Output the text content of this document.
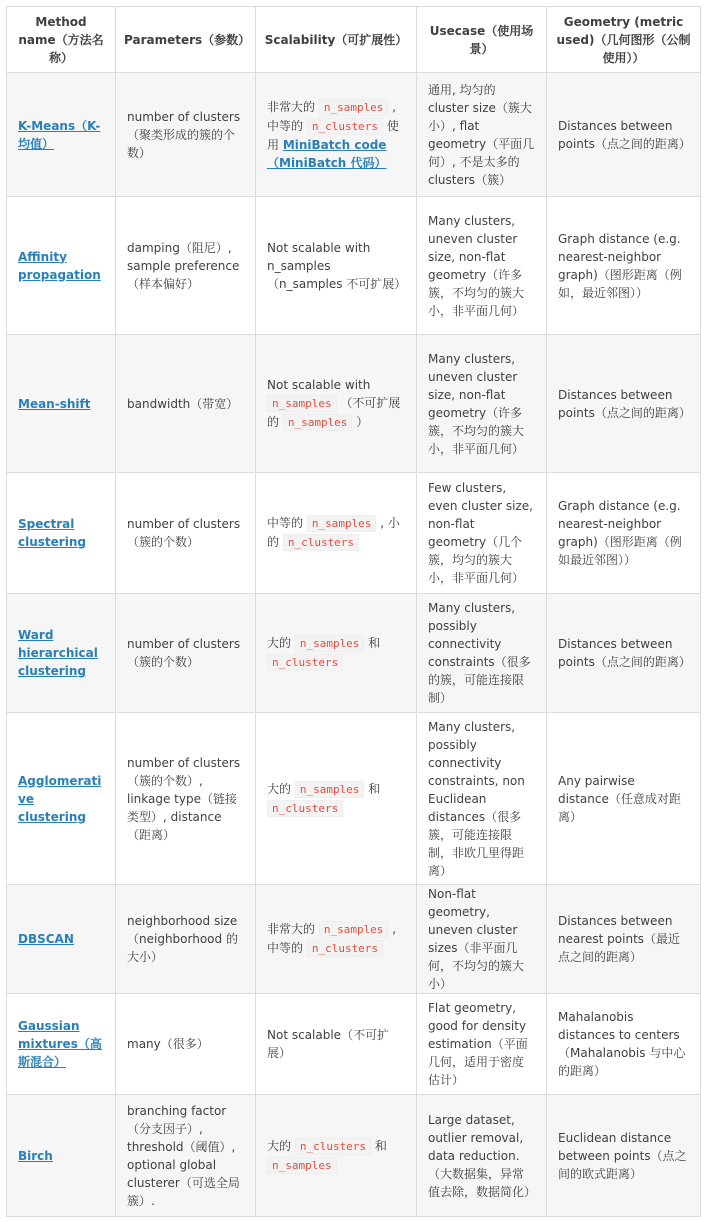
Method name（方法名称）	Parameters（参数）	Scalability（可扩展性）	Usecase（使用场景）	Geometry (metric used)（几何图形（公制使用））
K-Means（K-均值）	number of clusters（聚类形成的簇的个数）	非常大的 n_samples , 中等的 n_clusters 使用 MiniBatch code（MiniBatch 代码）	通用, 均匀的 cluster size（簇大小）, flat geometry（平面几何）, 不是太多的 clusters（簇）	Distances between points（点之间的距离）
Affinity propagation	damping（阻尼）, sample preference（样本偏好）	Not scalable with n_samples（n_samples 不可扩展）	Many clusters, uneven cluster size, non-flat geometry（许多簇，不均匀的簇大小，非平面几何）	Graph distance (e.g. nearest-neighbor graph)（图形距离（例如，最近邻图））
Mean-shift	bandwidth（带宽）	Not scalable with n_samples （不可扩展的 n_samples ）	Many clusters, uneven cluster size, non-flat geometry（许多簇，不均匀的簇大小，非平面几何）	Distances between points（点之间的距离）
Spectral clustering	number of clusters（簇的个数）	中等的 n_samples , 小的 n_clusters	Few clusters, even cluster size, non-flat geometry（几个簇，均匀的簇大小，非平面几何）	Graph distance (e.g. nearest-neighbor graph)（图形距离（例如最近邻图））
Ward hierarchical clustering	number of clusters（簇的个数）	大的 n_samples 和 n_clusters	Many clusters, possibly connectivity constraints（很多的簇，可能连接限制）	Distances between points（点之间的距离）
Agglomerative clustering	number of clusters（簇的个数）, linkage type（链接类型）, distance（距离）	大的 n_samples 和 n_clusters	Many clusters, possibly connectivity constraints, non Euclidean distances（很多簇，可能连接限制，非欧几里得距离）	Any pairwise distance（任意成对距离）
DBSCAN	neighborhood size（neighborhood 的大小）	非常大的 n_samples , 中等的 n_clusters	Non-flat geometry, uneven cluster sizes（非平面几何，不均匀的簇大小）	Distances between nearest points（最近点之间的距离）
Gaussian mixtures（高斯混合）	many（很多）	Not scalable（不可扩展）	Flat geometry, good for density estimation（平面几何，适用于密度估计）	Mahalanobis distances to centers（Mahalanobis 与中心的距离）
Birch	branching factor（分支因子）, threshold（阈值）, optional global clusterer（可选全局簇）.	大的 n_clusters 和 n_samples	Large dataset, outlier removal, data reduction.（大数据集，异常值去除，数据简化）	Euclidean distance between points（点之间的欧式距离）
